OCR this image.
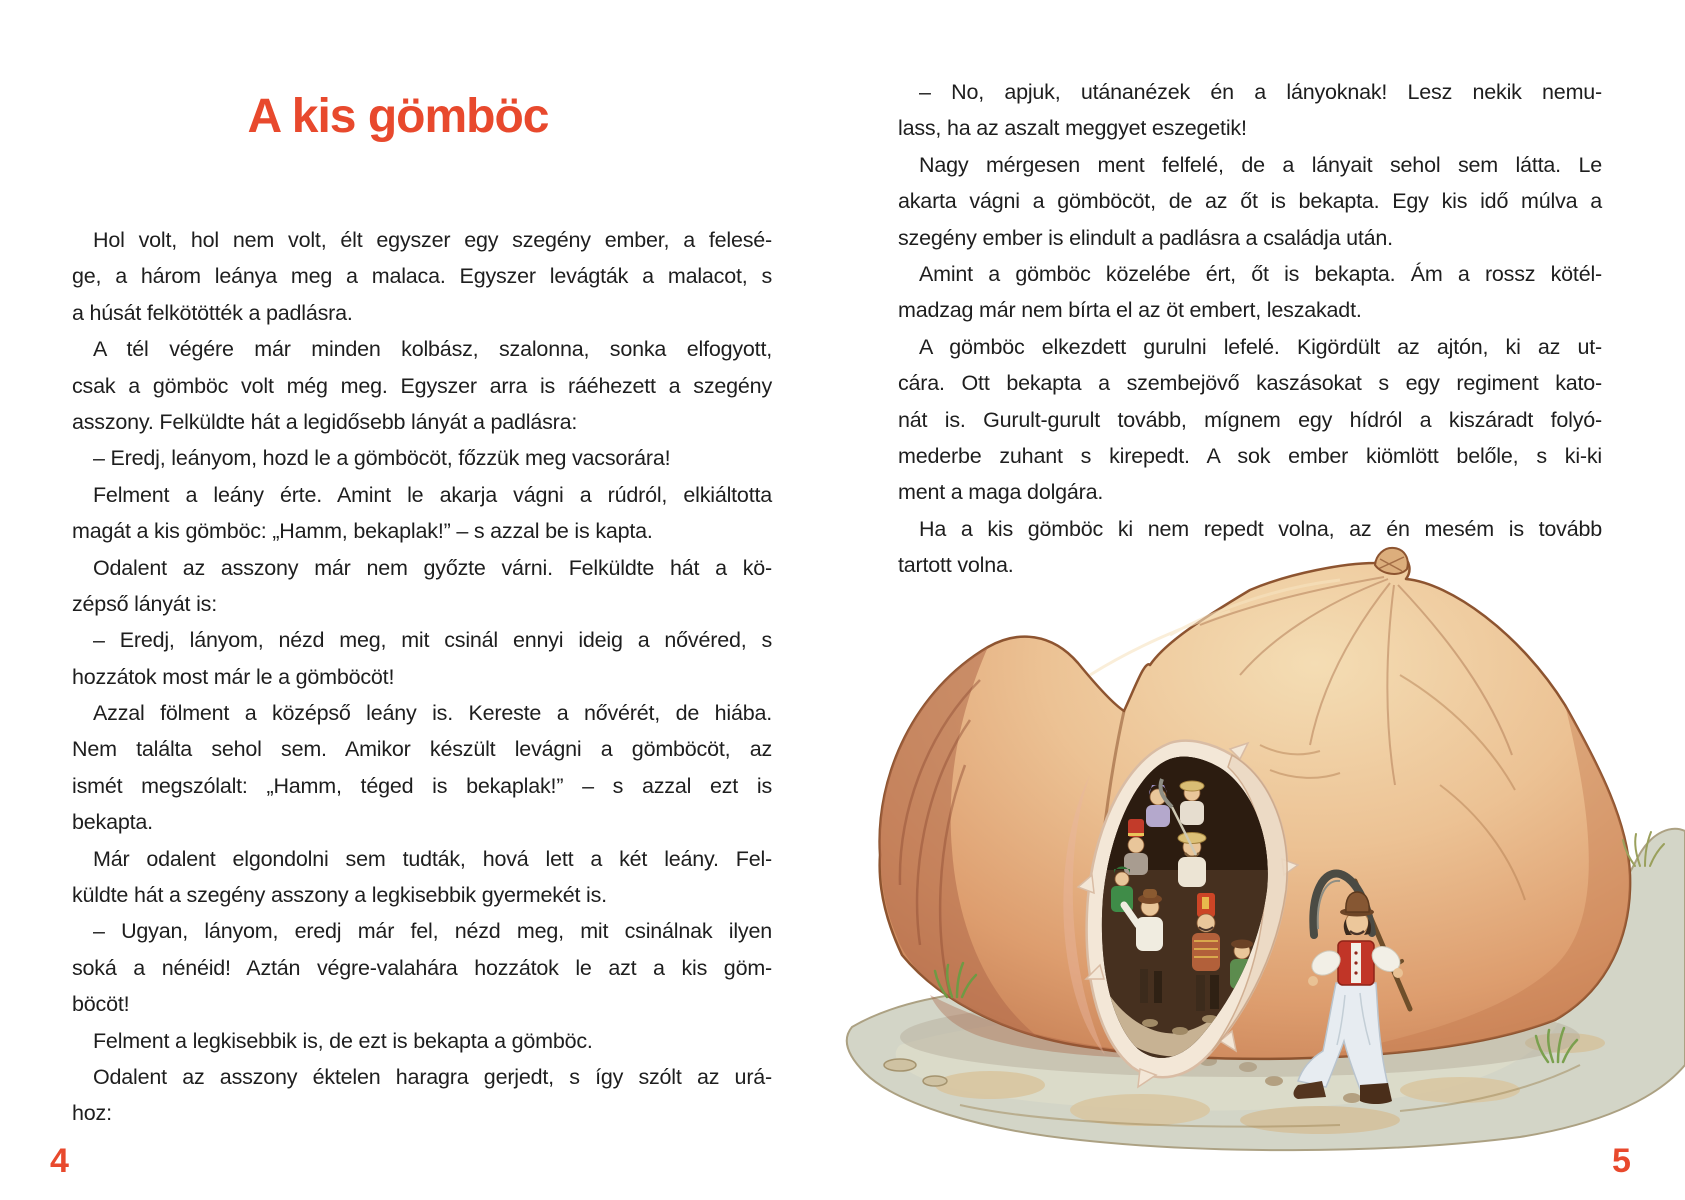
A kis gömböc
Hol volt, hol nem volt, élt egyszer egy szegény ember, a felesé-
ge, a három leánya meg a malaca. Egyszer levágták a malacot, s
a húsát felkötötték a padlásra.
A tél végére már minden kolbász, szalonna, sonka elfogyott,
csak a gömböc volt még meg. Egyszer arra is ráéhezett a szegény
asszony. Felküldte hát a legidősebb lányát a padlásra:
– Eredj, leányom, hozd le a gömböcöt, főzzük meg vacsorára!
Felment a leány érte. Amint le akarja vágni a rúdról, elkiáltotta
magát a kis gömböc: „Hamm, bekaplak!” – s azzal be is kapta.
Odalent az asszony már nem győzte várni. Felküldte hát a kö-
zépső lányát is:
– Eredj, lányom, nézd meg, mit csinál ennyi ideig a nővéred, s
hozzátok most már le a gömböcöt!
Azzal fölment a középső leány is. Kereste a nővérét, de hiába.
Nem találta sehol sem. Amikor készült levágni a gömböcöt, az
ismét megszólalt: „Hamm, téged is bekaplak!” – s azzal ezt is
bekapta.
Már odalent elgondolni sem tudták, hová lett a két leány. Fel-
küldte hát a szegény asszony a legkisebbik gyermekét is.
– Ugyan, lányom, eredj már fel, nézd meg, mit csinálnak ilyen
soká a nénéid! Aztán végre-valahára hozzátok le azt a kis göm-
böcöt!
Felment a legkisebbik is, de ezt is bekapta a gömböc.
Odalent az asszony éktelen haragra gerjedt, s így szólt az urá-
hoz:
– No, apjuk, utánanézek én a lányoknak! Lesz nekik nemu-
lass, ha az aszalt meggyet eszegetik!
Nagy mérgesen ment felfelé, de a lányait sehol sem látta. Le
akarta vágni a gömböcöt, de az őt is bekapta. Egy kis idő múlva a
szegény ember is elindult a padlásra a családja után.
Amint a gömböc közelébe ért, őt is bekapta. Ám a rossz kötél-
madzag már nem bírta el az öt embert, leszakadt.
A gömböc elkezdett gurulni lefelé. Kigördült az ajtón, ki az ut-
cára. Ott bekapta a szembejövő kaszásokat s egy regiment kato-
nát is. Gurult-gurult tovább, mígnem egy hídról a kiszáradt folyó-
mederbe zuhant s kirepedt. A sok ember kiömlött belőle, s ki-ki
ment a maga dolgára.
Ha a kis gömböc ki nem repedt volna, az én mesém is tovább
tartott volna.
4	5
